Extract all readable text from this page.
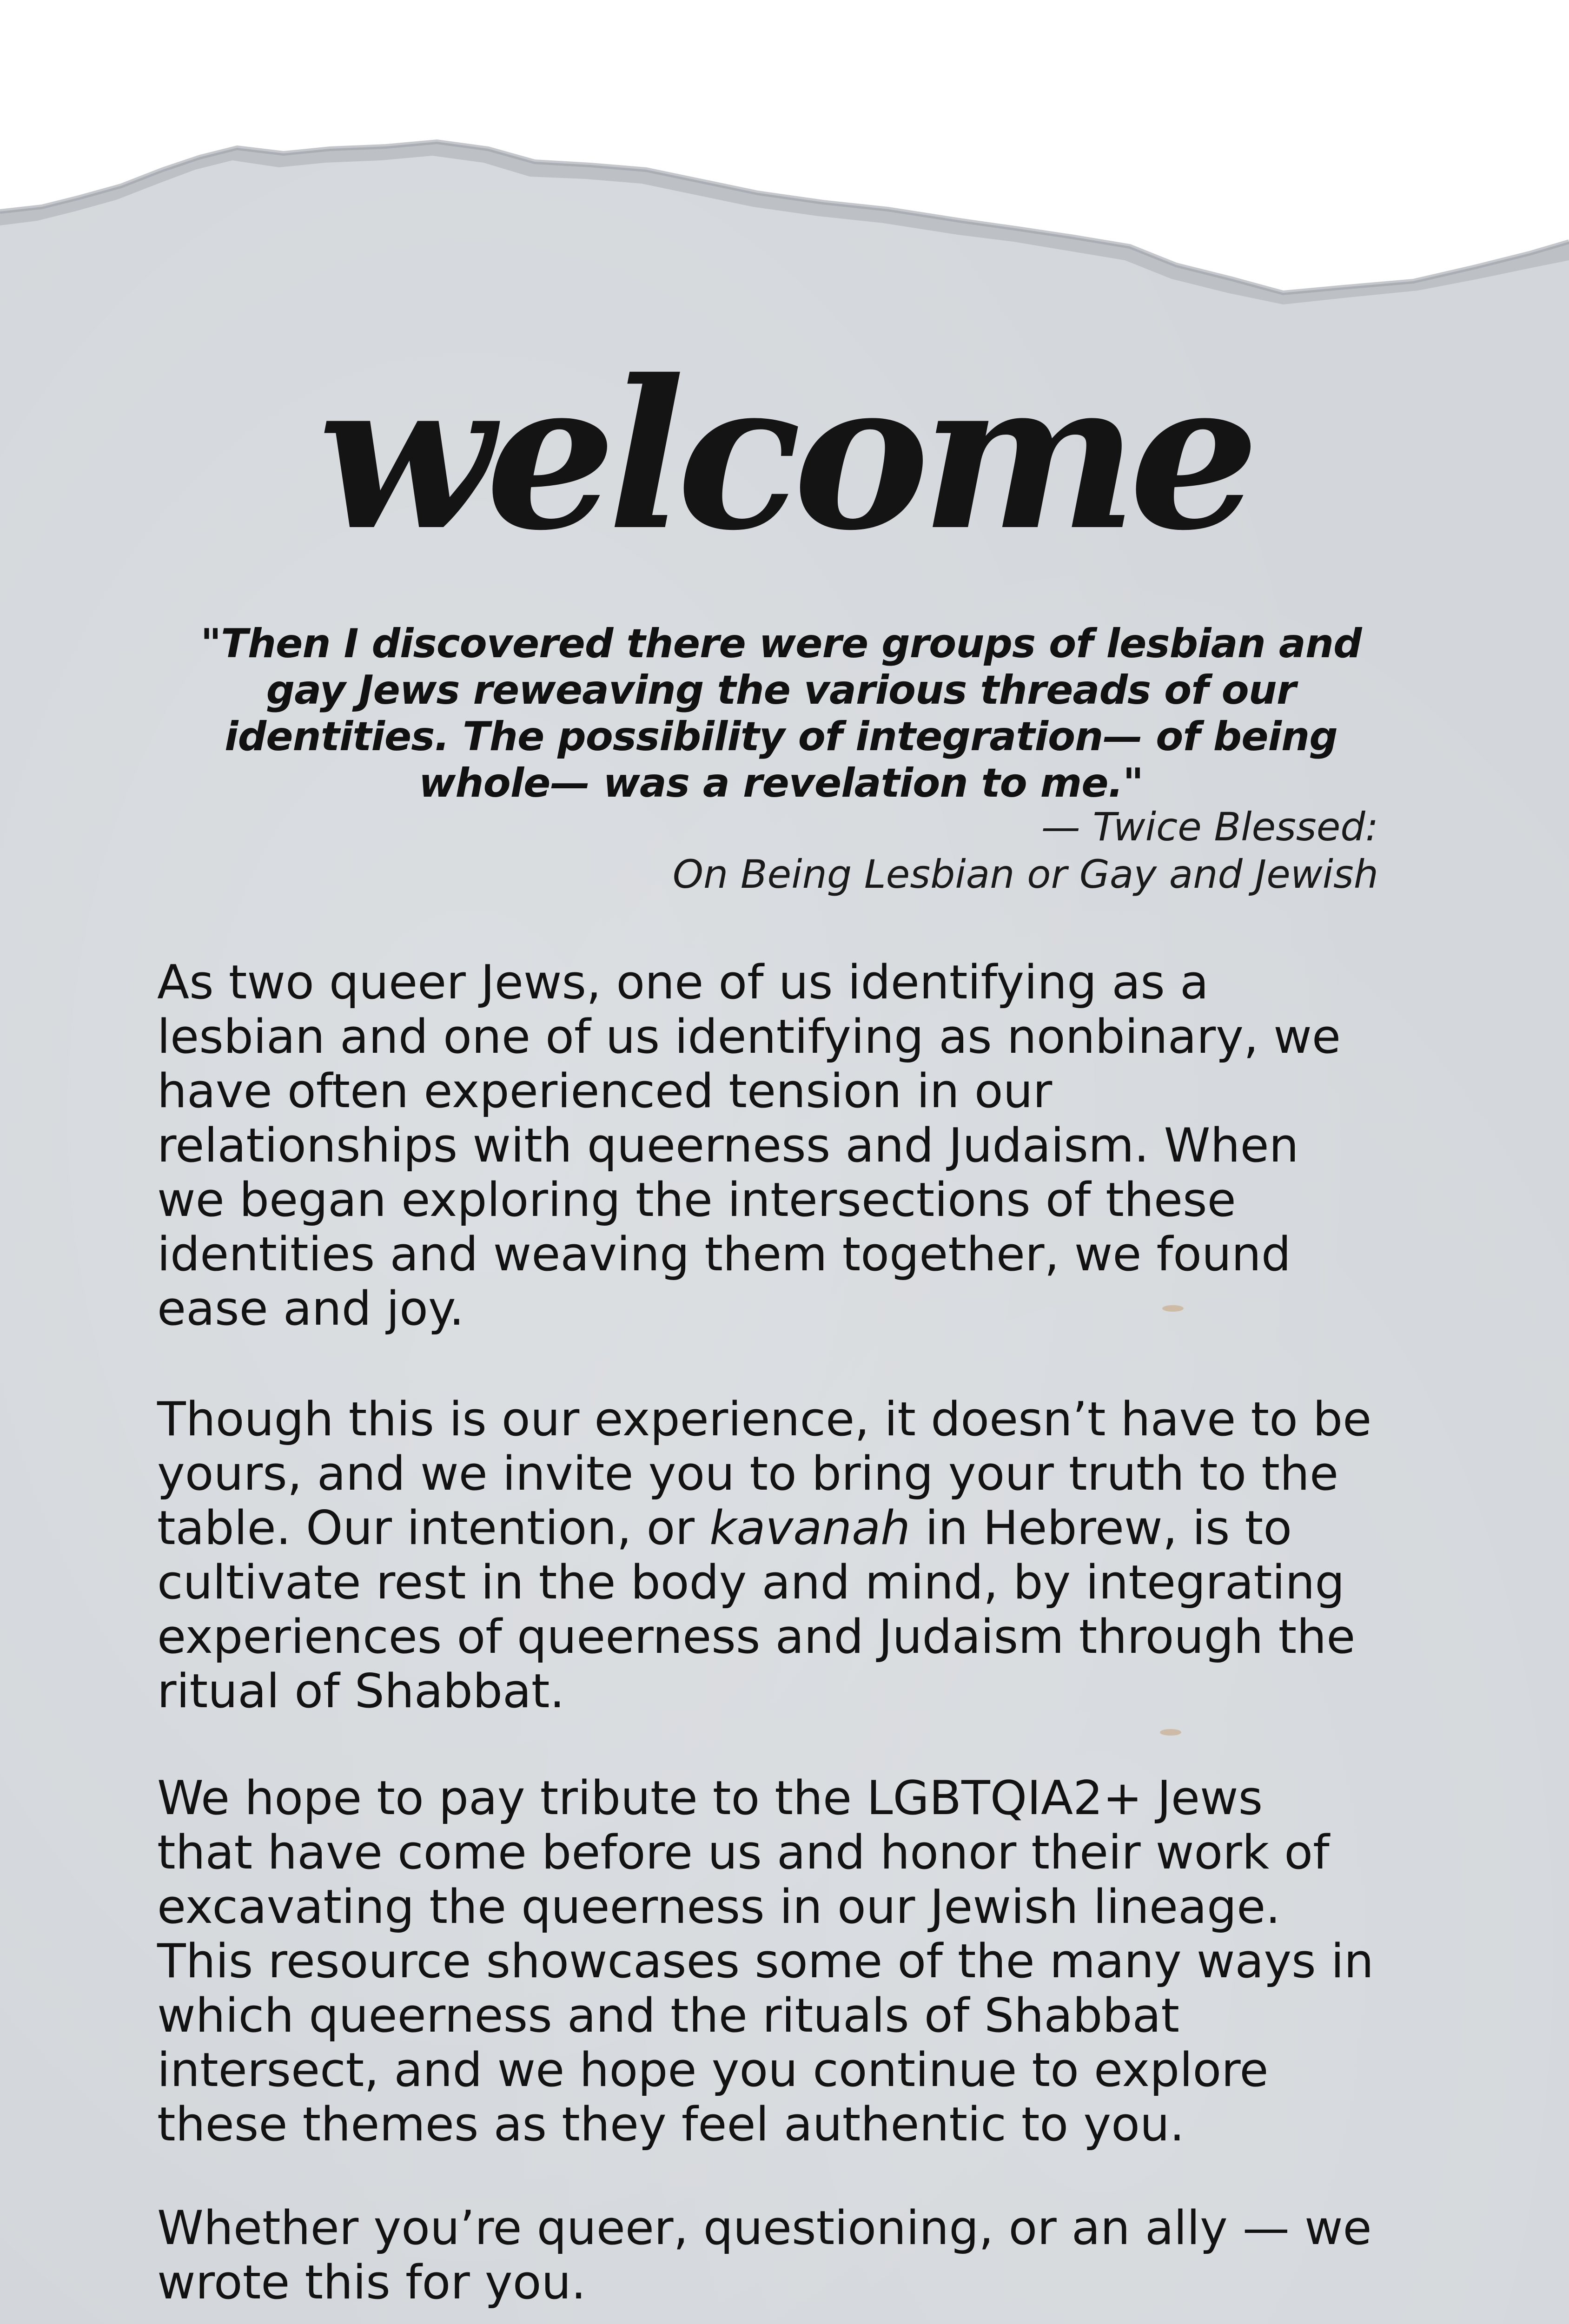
welcome
"Then I discovered there were groups of lesbian and
gay Jews reweaving the various threads of our
identities. The possibility of integration— of being
whole— was a revelation to me."
— Twice Blessed:
On Being Lesbian or Gay and Jewish
As two queer Jews, one of us identifying as a
lesbian and one of us identifying as nonbinary, we
have often experienced tension in our
relationships with queerness and Judaism. When
we began exploring the intersections of these
identities and weaving them together, we found
ease and joy.
Though this is our experience, it doesn’t have to be
yours, and we invite you to bring your truth to the
table. Our intention, or kavanah in Hebrew, is to
cultivate rest in the body and mind, by integrating
experiences of queerness and Judaism through the
ritual of Shabbat.
We hope to pay tribute to the LGBTQIA2+ Jews
that have come before us and honor their work of
excavating the queerness in our Jewish lineage.
This resource showcases some of the many ways in
which queerness and the rituals of Shabbat
intersect, and we hope you continue to explore
these themes as they feel authentic to you.
Whether you’re queer, questioning, or an ally — we
wrote this for you.
